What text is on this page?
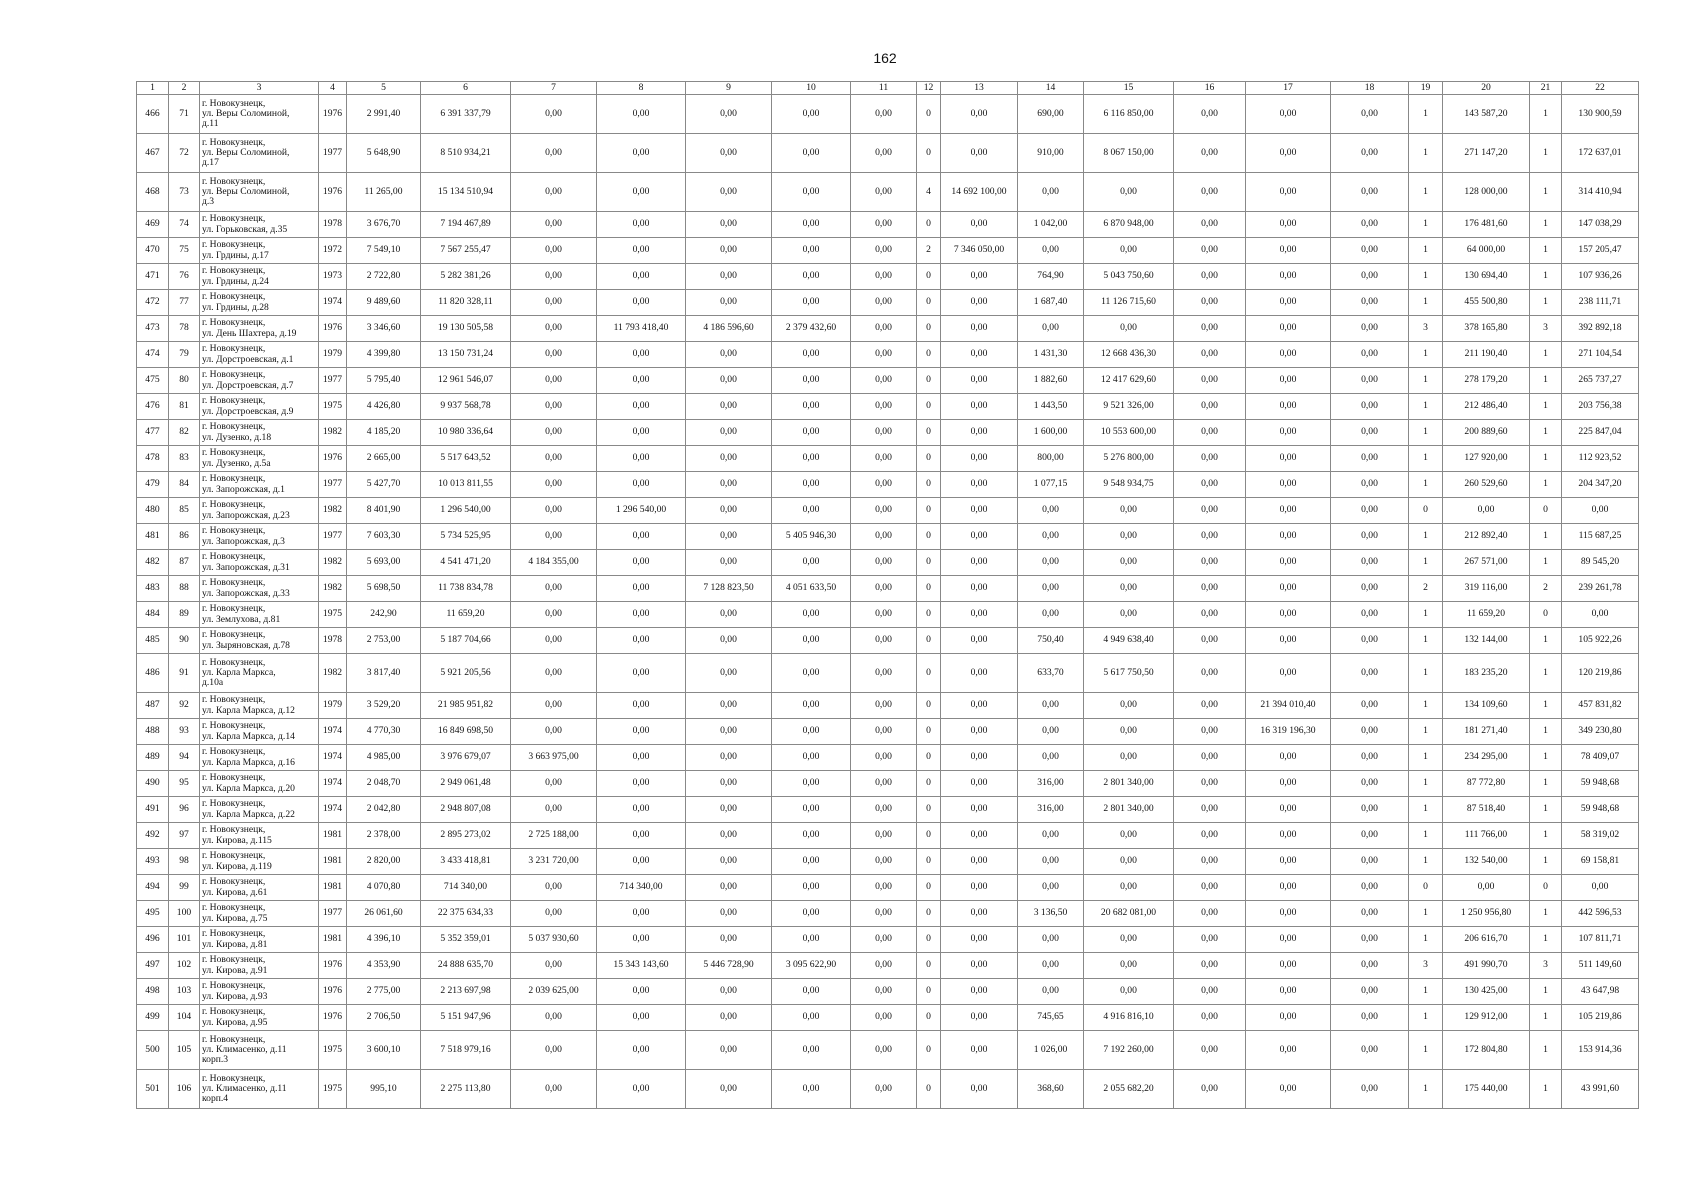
162
1	2	3	4	5	6	7	8	9	10	11	12	13	14	15	16	17	18	19	20	21	22
466	71	г. Новокузнецк,
ул. Веры Соломиной,
д.11	1976	2 991,40	6 391 337,79	0,00	0,00	0,00	0,00	0,00	0	0,00	690,00	6 116 850,00	0,00	0,00	0,00	1	143 587,20	1	130 900,59
467	72	г. Новокузнецк,
ул. Веры Соломиной,
д.17	1977	5 648,90	8 510 934,21	0,00	0,00	0,00	0,00	0,00	0	0,00	910,00	8 067 150,00	0,00	0,00	0,00	1	271 147,20	1	172 637,01
468	73	г. Новокузнецк,
ул. Веры Соломиной,
д.3	1976	11 265,00	15 134 510,94	0,00	0,00	0,00	0,00	0,00	4	14 692 100,00	0,00	0,00	0,00	0,00	0,00	1	128 000,00	1	314 410,94
469	74	г. Новокузнецк,
ул. Горьковская, д.35	1978	3 676,70	7 194 467,89	0,00	0,00	0,00	0,00	0,00	0	0,00	1 042,00	6 870 948,00	0,00	0,00	0,00	1	176 481,60	1	147 038,29
470	75	г. Новокузнецк,
ул. Грдины, д.17	1972	7 549,10	7 567 255,47	0,00	0,00	0,00	0,00	0,00	2	7 346 050,00	0,00	0,00	0,00	0,00	0,00	1	64 000,00	1	157 205,47
471	76	г. Новокузнецк,
ул. Грдины, д.24	1973	2 722,80	5 282 381,26	0,00	0,00	0,00	0,00	0,00	0	0,00	764,90	5 043 750,60	0,00	0,00	0,00	1	130 694,40	1	107 936,26
472	77	г. Новокузнецк,
ул. Грдины, д.28	1974	9 489,60	11 820 328,11	0,00	0,00	0,00	0,00	0,00	0	0,00	1 687,40	11 126 715,60	0,00	0,00	0,00	1	455 500,80	1	238 111,71
473	78	г. Новокузнецк,
ул. День Шахтера, д.19	1976	3 346,60	19 130 505,58	0,00	11 793 418,40	4 186 596,60	2 379 432,60	0,00	0	0,00	0,00	0,00	0,00	0,00	0,00	3	378 165,80	3	392 892,18
474	79	г. Новокузнецк,
ул. Дорстроевская, д.1	1979	4 399,80	13 150 731,24	0,00	0,00	0,00	0,00	0,00	0	0,00	1 431,30	12 668 436,30	0,00	0,00	0,00	1	211 190,40	1	271 104,54
475	80	г. Новокузнецк,
ул. Дорстроевская, д.7	1977	5 795,40	12 961 546,07	0,00	0,00	0,00	0,00	0,00	0	0,00	1 882,60	12 417 629,60	0,00	0,00	0,00	1	278 179,20	1	265 737,27
476	81	г. Новокузнецк,
ул. Дорстроевская, д.9	1975	4 426,80	9 937 568,78	0,00	0,00	0,00	0,00	0,00	0	0,00	1 443,50	9 521 326,00	0,00	0,00	0,00	1	212 486,40	1	203 756,38
477	82	г. Новокузнецк,
ул. Дузенко, д.18	1982	4 185,20	10 980 336,64	0,00	0,00	0,00	0,00	0,00	0	0,00	1 600,00	10 553 600,00	0,00	0,00	0,00	1	200 889,60	1	225 847,04
478	83	г. Новокузнецк,
ул. Дузенко, д.5а	1976	2 665,00	5 517 643,52	0,00	0,00	0,00	0,00	0,00	0	0,00	800,00	5 276 800,00	0,00	0,00	0,00	1	127 920,00	1	112 923,52
479	84	г. Новокузнецк,
ул. Запорожская, д.1	1977	5 427,70	10 013 811,55	0,00	0,00	0,00	0,00	0,00	0	0,00	1 077,15	9 548 934,75	0,00	0,00	0,00	1	260 529,60	1	204 347,20
480	85	г. Новокузнецк,
ул. Запорожская, д.23	1982	8 401,90	1 296 540,00	0,00	1 296 540,00	0,00	0,00	0,00	0	0,00	0,00	0,00	0,00	0,00	0,00	0	0,00	0	0,00
481	86	г. Новокузнецк,
ул. Запорожская, д.3	1977	7 603,30	5 734 525,95	0,00	0,00	0,00	5 405 946,30	0,00	0	0,00	0,00	0,00	0,00	0,00	0,00	1	212 892,40	1	115 687,25
482	87	г. Новокузнецк,
ул. Запорожская, д.31	1982	5 693,00	4 541 471,20	4 184 355,00	0,00	0,00	0,00	0,00	0	0,00	0,00	0,00	0,00	0,00	0,00	1	267 571,00	1	89 545,20
483	88	г. Новокузнецк,
ул. Запорожская, д.33	1982	5 698,50	11 738 834,78	0,00	0,00	7 128 823,50	4 051 633,50	0,00	0	0,00	0,00	0,00	0,00	0,00	0,00	2	319 116,00	2	239 261,78
484	89	г. Новокузнецк,
ул. Землухова, д.81	1975	242,90	11 659,20	0,00	0,00	0,00	0,00	0,00	0	0,00	0,00	0,00	0,00	0,00	0,00	1	11 659,20	0	0,00
485	90	г. Новокузнецк,
ул. Зыряновская, д.78	1978	2 753,00	5 187 704,66	0,00	0,00	0,00	0,00	0,00	0	0,00	750,40	4 949 638,40	0,00	0,00	0,00	1	132 144,00	1	105 922,26
486	91	г. Новокузнецк,
ул. Карла Маркса,
д.10а	1982	3 817,40	5 921 205,56	0,00	0,00	0,00	0,00	0,00	0	0,00	633,70	5 617 750,50	0,00	0,00	0,00	1	183 235,20	1	120 219,86
487	92	г. Новокузнецк,
ул. Карла Маркса, д.12	1979	3 529,20	21 985 951,82	0,00	0,00	0,00	0,00	0,00	0	0,00	0,00	0,00	0,00	21 394 010,40	0,00	1	134 109,60	1	457 831,82
488	93	г. Новокузнецк,
ул. Карла Маркса, д.14	1974	4 770,30	16 849 698,50	0,00	0,00	0,00	0,00	0,00	0	0,00	0,00	0,00	0,00	16 319 196,30	0,00	1	181 271,40	1	349 230,80
489	94	г. Новокузнецк,
ул. Карла Маркса, д.16	1974	4 985,00	3 976 679,07	3 663 975,00	0,00	0,00	0,00	0,00	0	0,00	0,00	0,00	0,00	0,00	0,00	1	234 295,00	1	78 409,07
490	95	г. Новокузнецк,
ул. Карла Маркса, д.20	1974	2 048,70	2 949 061,48	0,00	0,00	0,00	0,00	0,00	0	0,00	316,00	2 801 340,00	0,00	0,00	0,00	1	87 772,80	1	59 948,68
491	96	г. Новокузнецк,
ул. Карла Маркса, д.22	1974	2 042,80	2 948 807,08	0,00	0,00	0,00	0,00	0,00	0	0,00	316,00	2 801 340,00	0,00	0,00	0,00	1	87 518,40	1	59 948,68
492	97	г. Новокузнецк,
ул. Кирова, д.115	1981	2 378,00	2 895 273,02	2 725 188,00	0,00	0,00	0,00	0,00	0	0,00	0,00	0,00	0,00	0,00	0,00	1	111 766,00	1	58 319,02
493	98	г. Новокузнецк,
ул. Кирова, д.119	1981	2 820,00	3 433 418,81	3 231 720,00	0,00	0,00	0,00	0,00	0	0,00	0,00	0,00	0,00	0,00	0,00	1	132 540,00	1	69 158,81
494	99	г. Новокузнецк,
ул. Кирова, д.61	1981	4 070,80	714 340,00	0,00	714 340,00	0,00	0,00	0,00	0	0,00	0,00	0,00	0,00	0,00	0,00	0	0,00	0	0,00
495	100	г. Новокузнецк,
ул. Кирова, д.75	1977	26 061,60	22 375 634,33	0,00	0,00	0,00	0,00	0,00	0	0,00	3 136,50	20 682 081,00	0,00	0,00	0,00	1	1 250 956,80	1	442 596,53
496	101	г. Новокузнецк,
ул. Кирова, д.81	1981	4 396,10	5 352 359,01	5 037 930,60	0,00	0,00	0,00	0,00	0	0,00	0,00	0,00	0,00	0,00	0,00	1	206 616,70	1	107 811,71
497	102	г. Новокузнецк,
ул. Кирова, д.91	1976	4 353,90	24 888 635,70	0,00	15 343 143,60	5 446 728,90	3 095 622,90	0,00	0	0,00	0,00	0,00	0,00	0,00	0,00	3	491 990,70	3	511 149,60
498	103	г. Новокузнецк,
ул. Кирова, д.93	1976	2 775,00	2 213 697,98	2 039 625,00	0,00	0,00	0,00	0,00	0	0,00	0,00	0,00	0,00	0,00	0,00	1	130 425,00	1	43 647,98
499	104	г. Новокузнецк,
ул. Кирова, д.95	1976	2 706,50	5 151 947,96	0,00	0,00	0,00	0,00	0,00	0	0,00	745,65	4 916 816,10	0,00	0,00	0,00	1	129 912,00	1	105 219,86
500	105	г. Новокузнецк,
ул. Климасенко, д.11
корп.3	1975	3 600,10	7 518 979,16	0,00	0,00	0,00	0,00	0,00	0	0,00	1 026,00	7 192 260,00	0,00	0,00	0,00	1	172 804,80	1	153 914,36
501	106	г. Новокузнецк,
ул. Климасенко, д.11
корп.4	1975	995,10	2 275 113,80	0,00	0,00	0,00	0,00	0,00	0	0,00	368,60	2 055 682,20	0,00	0,00	0,00	1	175 440,00	1	43 991,60
